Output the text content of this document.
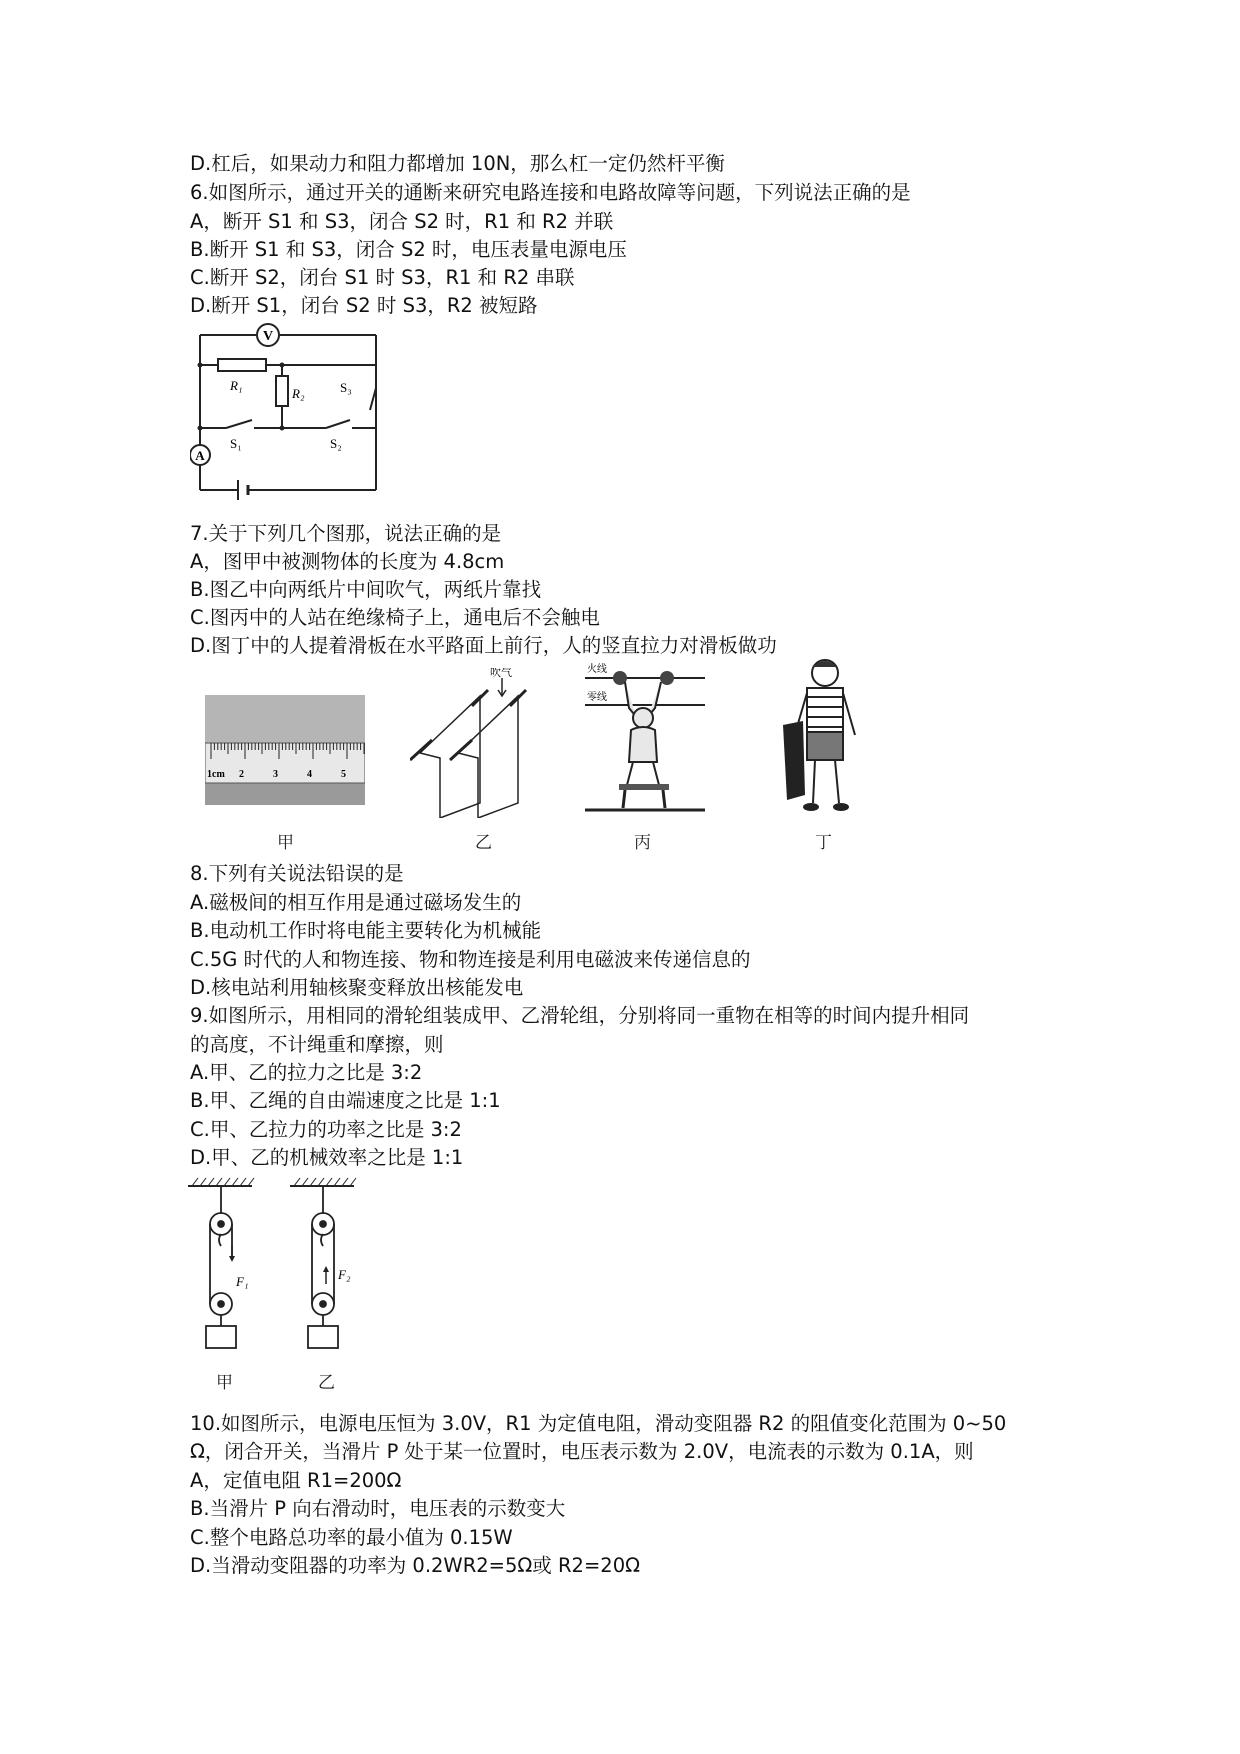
D.杠后，如果动力和阻力都增加 10N，那么杠一定仍然杆平衡
6.如图所示，通过开关的通断来研究电路连接和电路故障等问题，下列说法正确的是
A，断开 S1 和 S3，闭合 S2 时，R1 和 R2 并联
B.断开 S1 和 S3，闭合 S2 时，电压表量电源电压
C.断开 S2，闭台 S1 时 S3，R1 和 R2 串联
D.断开 S1，闭台 S2 时 S3，R2 被短路
V
A
R₁
R₂	S₃
S₁	S₂
7.关于下列几个图那，说法正确的是
A，图甲中被测物体的长度为 4.8cm
B.图乙中向两纸片中间吹气，两纸片靠找
C.图丙中的人站在绝缘椅子上，通电后不会触电
D.图丁中的人提着滑板在水平路面上前行，人的竖直拉力对滑板做功
1cm 2	3	4	5
甲
吹气
乙
火线
零线
丙	丁
8.下列有关说法铅误的是
A.磁极间的相互作用是通过磁场发生的
B.电动机工作时将电能主要转化为机械能
C.5G 时代的人和物连接、物和物连接是利用电磁波来传递信息的
D.核电站利用轴核聚变释放出核能发电
9.如图所示，用相同的滑轮组装成甲、乙滑轮组，分别将同一重物在相等的时间内提升相同
的高度，不计绳重和摩擦，则
A.甲、乙的拉力之比是 3:2
B.甲、乙绳的自由端速度之比是 1:1
C.甲、乙拉力的功率之比是 3:2
D.甲、乙的机械效率之比是 1:1
F₁
甲
F₂
乙
10.如图所示，电源电压恒为 3.0V，R1 为定值电阻，滑动变阻器 R2 的阻值变化范围为 0~50
Ω，闭合开关，当滑片 P 处于某一位置时，电压表示数为 2.0V，电流表的示数为 0.1A，则
A，定值电阻 R1=200Ω
B.当滑片 P 向右滑动时，电压表的示数变大
C.整个电路总功率的最小值为 0.15W
D.当滑动变阻器的功率为 0.2WR2=5Ω或 R2=20Ω
